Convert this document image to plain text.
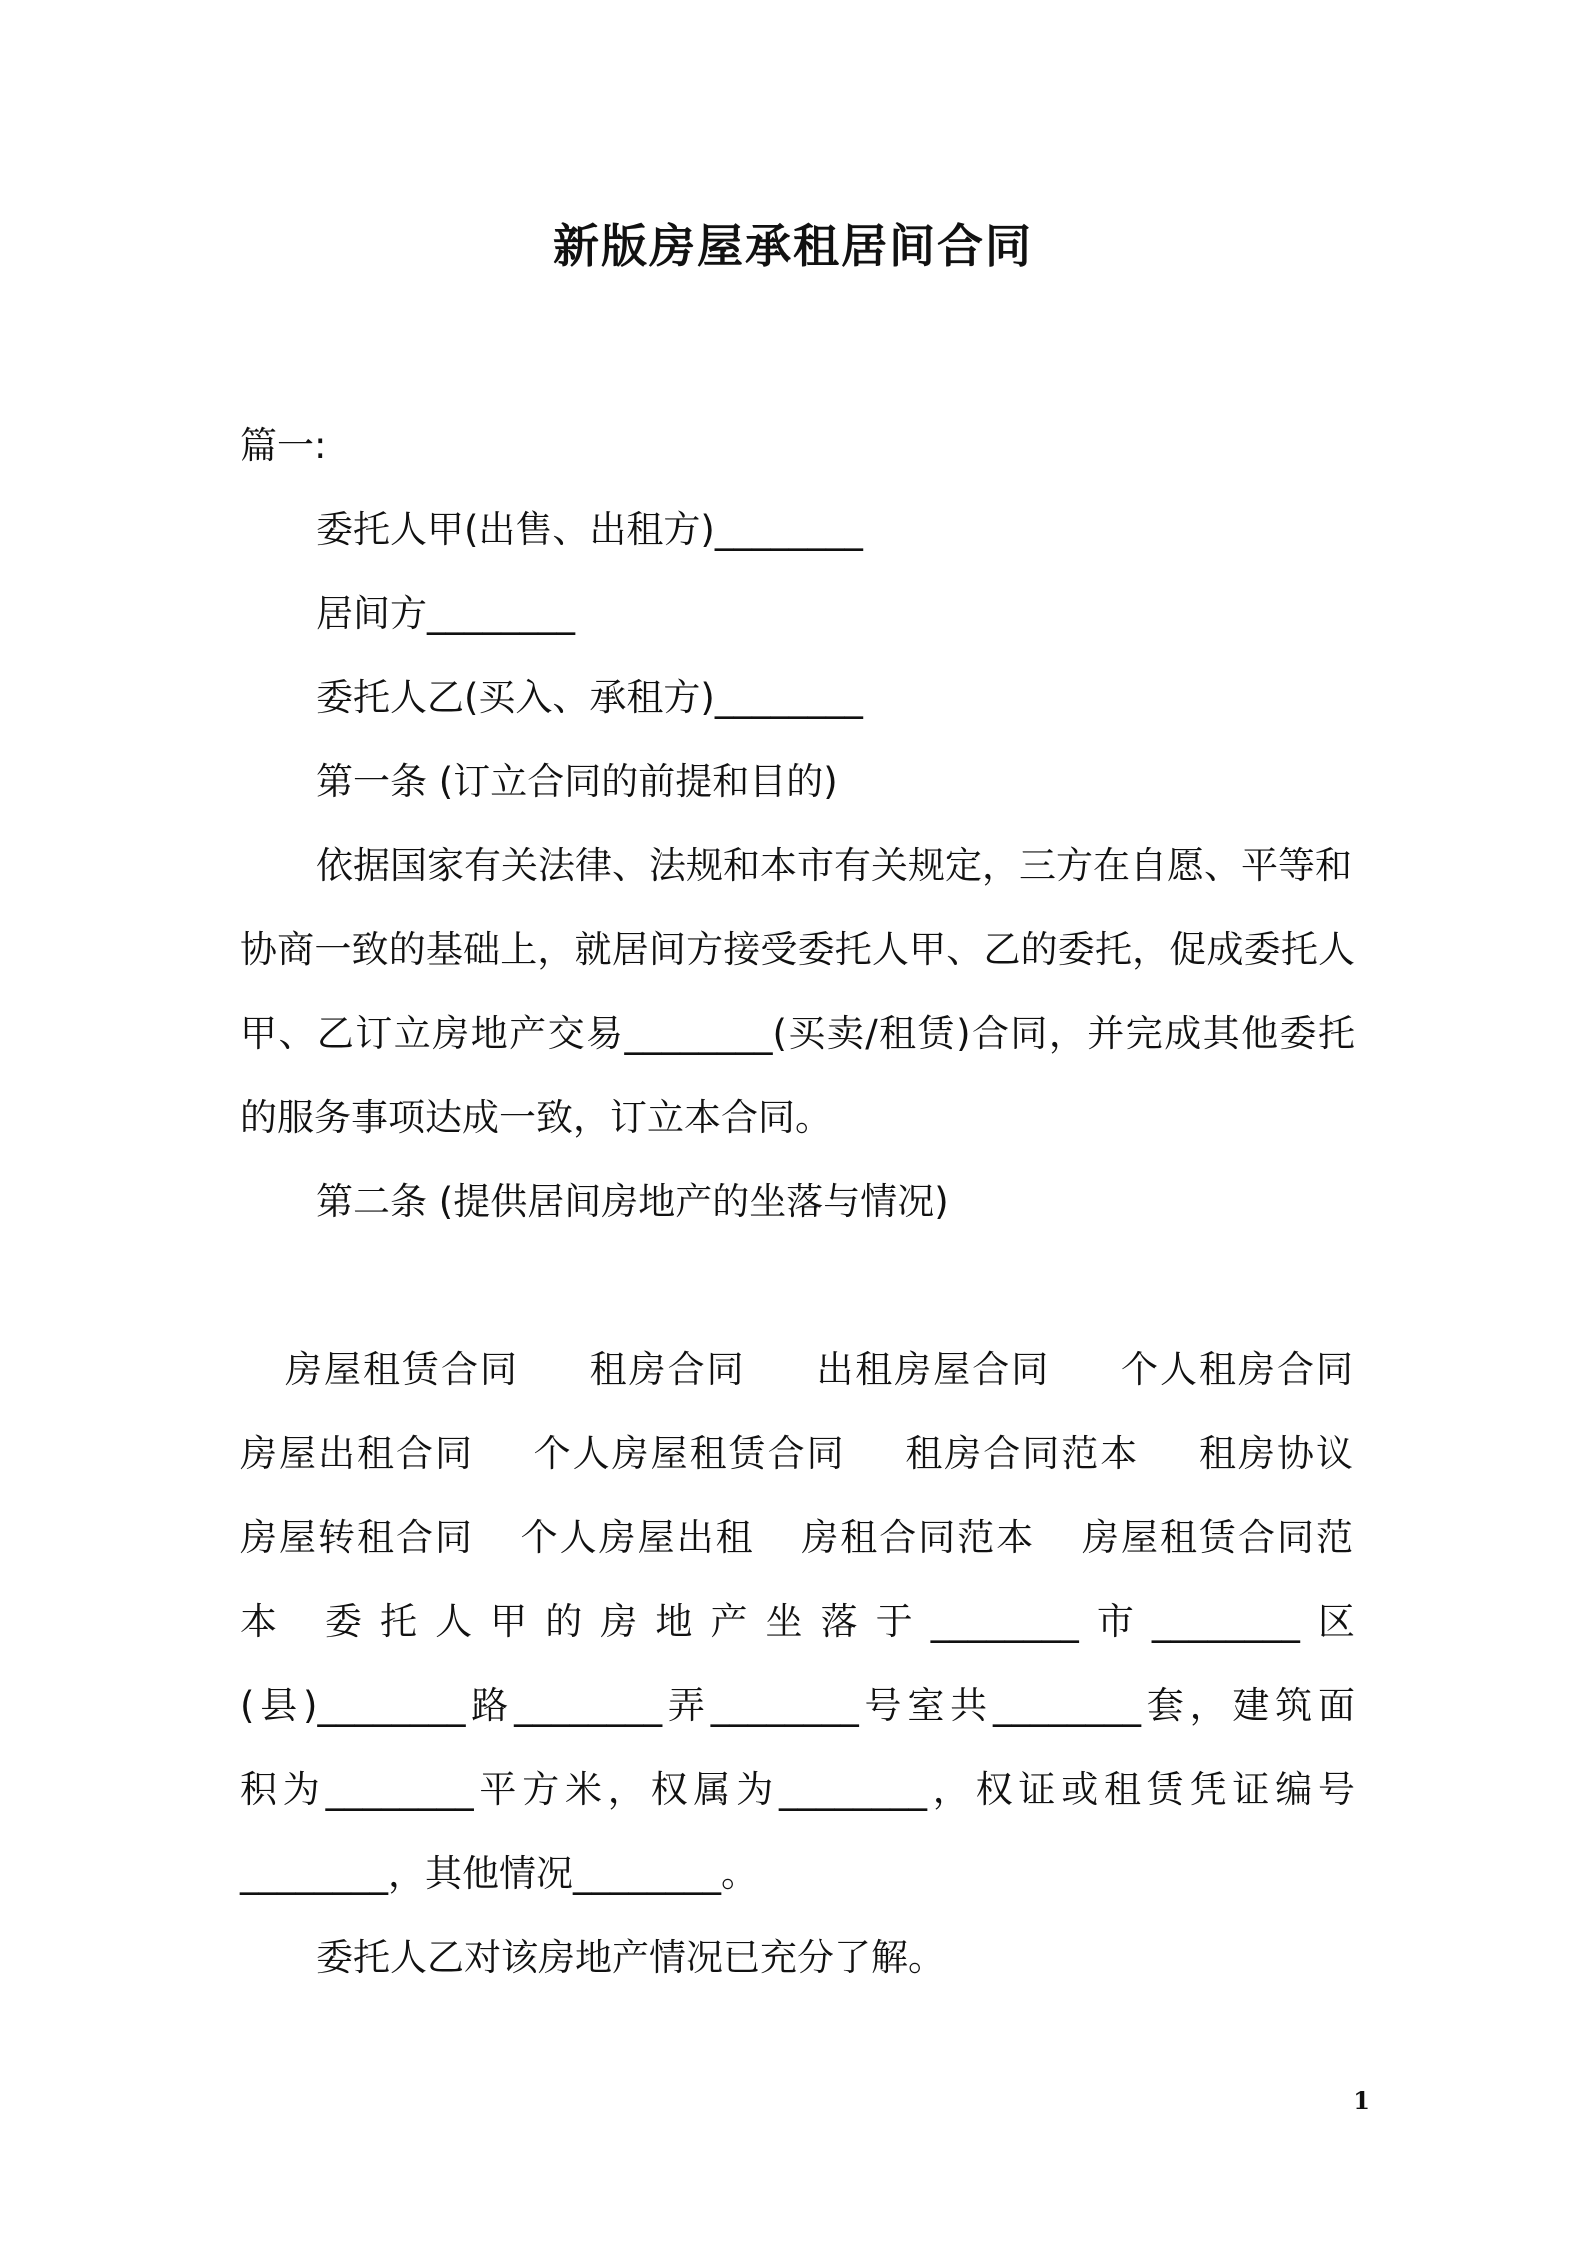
新版房屋承租居间合同
篇一:
委托人甲(出售、出租方)________
居间方________
委托人乙(买入、承租方)________
第一条 (订立合同的前提和目的)
依据国家有关法律、法规和本市有关规定，三方在自愿、平等和
协商一致的基础上，就居间方接受委托人甲、乙的委托，促成委托人
甲、乙订立房地产交易________(买卖/租赁)合同，并完成其他委托
的服务事项达成一致，订立本合同。
第二条 (提供居间房地产的坐落与情况)
房屋租赁合同 租房合同 出租房屋合同 个人租房合同
房屋出租合同 个人房屋租赁合同 租房合同范本 租房协议
房屋转租合同 个人房屋出租 房租合同范本 房屋租赁合同范
本 委托人甲的房地产坐落于________市________区
(县)________路________弄________号室共________套，建筑面
积为________平方米，权属为________，权证或租赁凭证编号
________，其他情况________。
委托人乙对该房地产情况已充分了解。
1
